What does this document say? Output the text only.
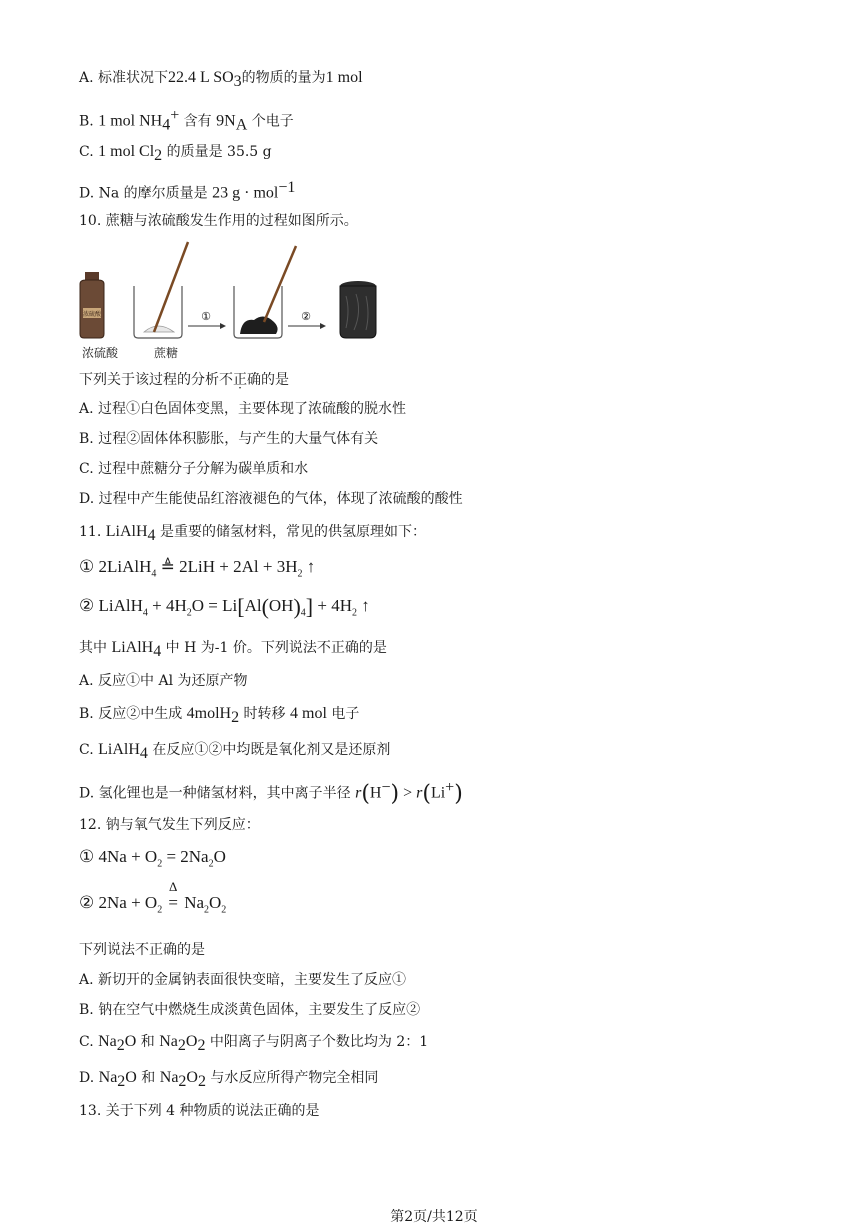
A. 标准状况下22.4 L $SO_3$的物质的量为1 mol
B. 1 mol $NH_4^+$ 含有 $9N_A$ 个电子
C. 1 mol $Cl_2$ 的质量是 35.5 g
D. Na 的摩尔质量是 23 g · mol$^{-1}$
10. 蔗糖与浓硫酸发生作用的过程如图所示。
浓硫酸	①	②
浓硫酸	蔗糖
下列关于该过程的分析不正确的是
A. 过程①白色固体变黑，主要体现了浓硫酸的脱水性
B. 过程②固体体积膨胀，与产生的大量气体有关
C. 过程中蔗糖分子分解为碳单质和水
D. 过程中产生能使品红溶液褪色的气体，体现了浓硫酸的酸性
11. LiAlH$_4$ 是重要的储氢材料，常见的供氢原理如下：
① 2LiAlH$_4$ ≜ $2LiH + 2Al + 3H_2$ ↑
② LiAlH$_4$ + $4H_2O = Li[Al(OH)_4] + 4H_2$ ↑
其中 LiAlH$_4$ 中 H 为-1 价。下列说法不正确的是
A. 反应①中 Al 为还原产物
B. 反应②中生成 4molH$_2$ 时转移 4 mol 电子
C. LiAlH$_4$ 在反应①②中均既是氧化剂又是还原剂
D. 氢化锂也是一种储氢材料，其中离子半径 r(H−) > r(Li+)
12. 钠与氧气发生下列反应：
① $4Na + O_2 = 2Na_2O$
② $2Na + O_2$
Δ
= $Na_2O_2$
下列说法不正确的是
A. 新切开的金属钠表面很快变暗，主要发生了反应①
B. 钠在空气中燃烧生成淡黄色固体，主要发生了反应②
C. $Na_2O$ 和 $Na_2O_2$ 中阳离子与阴离子个数比均为 2：1
D. $Na_2O$ 和 $Na_2O_2$ 与水反应所得产物完全相同
13. 关于下列 4 种物质的说法正确的是
第2页/共12页
